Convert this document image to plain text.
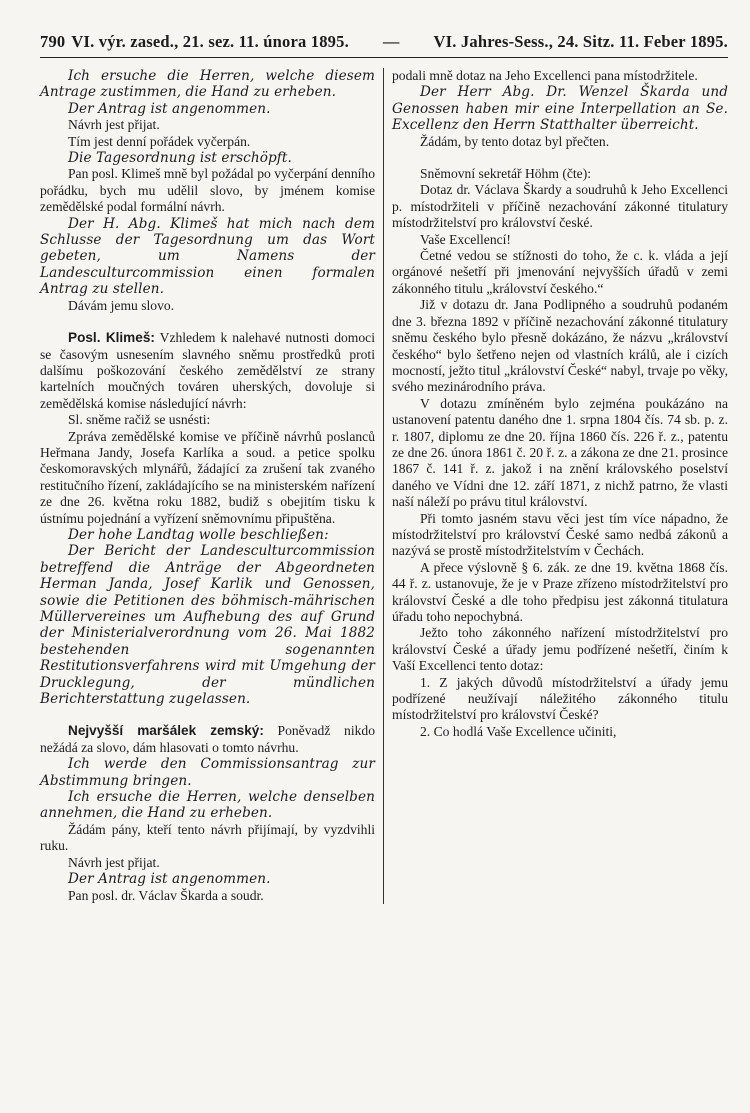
790 VI. výr. zased., 21. sez. 11. února 1895. — VI. Jahres-Sess., 24. Sitz. 11. Feber 1895.

Ich ersuche die Herren, welche diesem Antrage zustimmen, die Hand zu erheben.

Der Antrag ist angenommen.

Návrh jest přijat.

Tím jest denní pořádek vyčerpán.

Die Tagesordnung ist erschöpft.

Pan posl. Klimeš mně byl požádal po vyčerpání denního pořádku, bych mu udělil slovo, by jménem komise zemědělské podal formální návrh.

Der H. Abg. Klimeš hat mich nach dem Schlusse der Tagesordnung um das Wort gebeten, um Namens der Landesculturcommission einen formalen Antrag zu stellen.

Dávám jemu slovo.

Posl. Klimeš: Vzhledem k nalehavé nutnosti domoci se časovým usnesením slavného sněmu prostředků proti dalšímu poškozování českého zemědělství ze strany kartelních moučných továren uherských, dovoluje si zemědělská komise následující návrh:

Sl. sněme račiž se usnésti:

Zpráva zemědělské komise ve příčině návrhů poslanců Heřmana Jandy, Josefa Karlíka a soud. a petice spolku českomoravských mlynářů, žádající za zrušení tak zvaného restitučního řízení, zakládajícího se na ministerském nařízení ze dne 26. května roku 1882, budiž s obejitím tisku k ústnímu pojednání a vyřízení sněmovnímu připuštěna.

Der hohe Landtag wolle beschließen:

Der Bericht der Landesculturcommission betreffend die Anträge der Abgeordneten Herman Janda, Josef Karlik und Genossen, sowie die Petitionen des böhmisch-mährischen Müllervereines um Aufhebung des auf Grund der Ministerialverordnung vom 26. Mai 1882 bestehenden sogenannten Restitutionsverfahrens wird mit Umgehung der Drucklegung, der mündlichen Berichterstattung zugelassen.

Nejvyšší maršálek zemský: Poněvadž nikdo nežádá za slovo, dám hlasovati o tomto návrhu.

Ich werde den Commissionsantrag zur Abstimmung bringen.

Ich ersuche die Herren, welche denselben annehmen, die Hand zu erheben.

Žádám pány, kteří tento návrh přijímají, by vyzdvihli ruku.

Návrh jest přijat.

Der Antrag ist angenommen.

Pan posl. dr. Václav Škarda a soudr.

podali mně dotaz na Jeho Excellenci pana místodržitele.

Der Herr Abg. Dr. Wenzel Škarda und Genossen haben mir eine Interpellation an Se. Excellenz den Herrn Statthalter überreicht.

Žádám, by tento dotaz byl přečten.

Sněmovní sekretář Höhm (čte):

Dotaz dr. Václava Škardy a soudruhů k Jeho Excellenci p. místodržiteli v příčině nezachování zákonné titulatury místodržitelství pro království české.

Vaše Excellencí!

Četné vedou se stížnosti do toho, že c. k. vláda a její orgánové nešetří při jmenování nejvyšších úřadů v zemi zákonného titulu „království českého.“

Již v dotazu dr. Jana Podlipného a soudruhů podaném dne 3. března 1892 v příčině nezachování zákonné titulatury sněmu českého bylo přesně dokázáno, že názvu „království českého“ bylo šetřeno nejen od vlastních králů, ale i cizích mocností, ježto titul „království České“ nabyl, trvaje po věky, svého mezinárodního práva.

V dotazu zmíněném bylo zejména poukázáno na ustanovení patentu daného dne 1. srpna 1804 čís. 74 sb. p. z. r. 1807, diplomu ze dne 20. října 1860 čís. 226 ř. z., patentu ze dne 26. února 1861 č. 20 ř. z. a zákona ze dne 21. prosince 1867 č. 141 ř. z. jakož i na znění královského poselství daného ve Vídni dne 12. září 1871, z nichž patrno, že vlasti naší náleží po právu titul království.

Při tomto jasném stavu věci jest tím více nápadno, že místodržitelství pro království České samo nedbá zákonů a nazývá se prostě místodržitelstvím v Čechách.

A přece výslovně § 6. zák. ze dne 19. května 1868 čís. 44 ř. z. ustanovuje, že je v Praze zřízeno místodržitelství pro království České a dle toho předpisu jest zákonná titulatura úřadu toho nepochybná.

Ježto toho zákonného nařízení místodržitelství pro království České a úřady jemu podřízené nešetří, činím k Vaší Excellenci tento dotaz:

1. Z jakých důvodů místodržitelství a úřady jemu podřízené neužívají náležitého zákonného titulu místodržitelství pro království České?

2. Co hodlá Vaše Excellence učiniti,
